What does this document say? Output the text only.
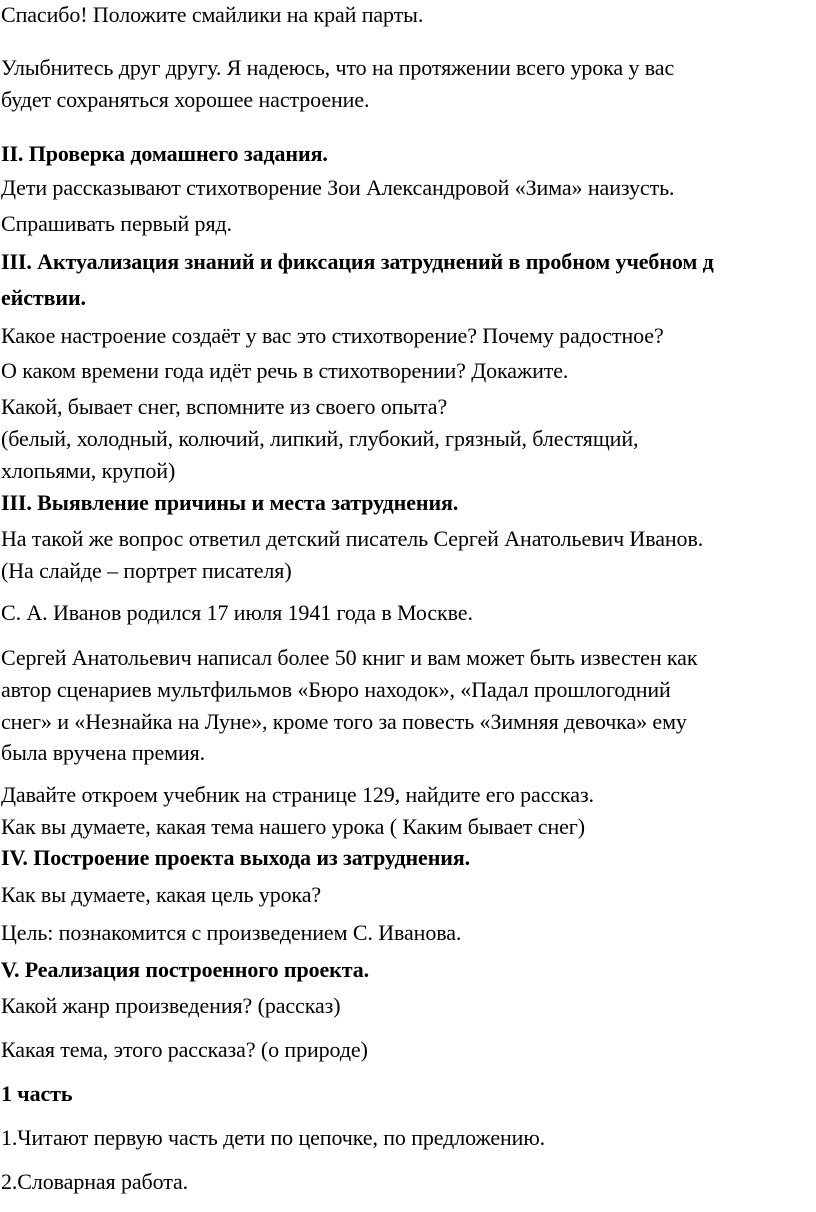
Спасибо! Положите смайлики на край парты.
Улыбнитесь друг другу. Я надеюсь, что на протяжении всего урока у вас
будет сохраняться хорошее настроение.
II. Проверка домашнего задания.
Дети рассказывают стихотворение Зои Александровой «Зима» наизусть.
Спрашивать первый ряд.
III. Актуализация знаний и фиксация затруднений в пробном учебном д
ействии.
Какое настроение создаёт у вас это стихотворение? Почему радостное?
О каком времени года идёт речь в стихотворении? Докажите.
Какой, бывает снег, вспомните из своего опыта?
(белый, холодный, колючий, липкий, глубокий, грязный, блестящий,
хлопьями, крупой)
III. Выявление причины и места затруднения.
На такой же вопрос ответил детский писатель Сергей Анатольевич Иванов.
(На слайде – портрет писателя)
С. А. Иванов родился 17 июля 1941 года в Москве.
Сергей Анатольевич написал более 50 книг и вам может быть известен как
автор сценариев мультфильмов «Бюро находок», «Падал прошлогодний
снег» и «Незнайка на Луне», кроме того за повесть «Зимняя девочка» ему
была вручена премия.
Давайте откроем учебник на странице 129, найдите его рассказ.
Как вы думаете, какая тема нашего урока ( Каким бывает снег)
IV. Построение проекта выхода из затруднения.
Как вы думаете, какая цель урока?
Цель: познакомится с произведением С. Иванова.
V. Реализация построенного проекта.
Какой жанр произведения? (рассказ)
Какая тема, этого рассказа? (о природе)
1 часть
1.Читают первую часть дети по цепочке, по предложению.
2.Словарная работа.
